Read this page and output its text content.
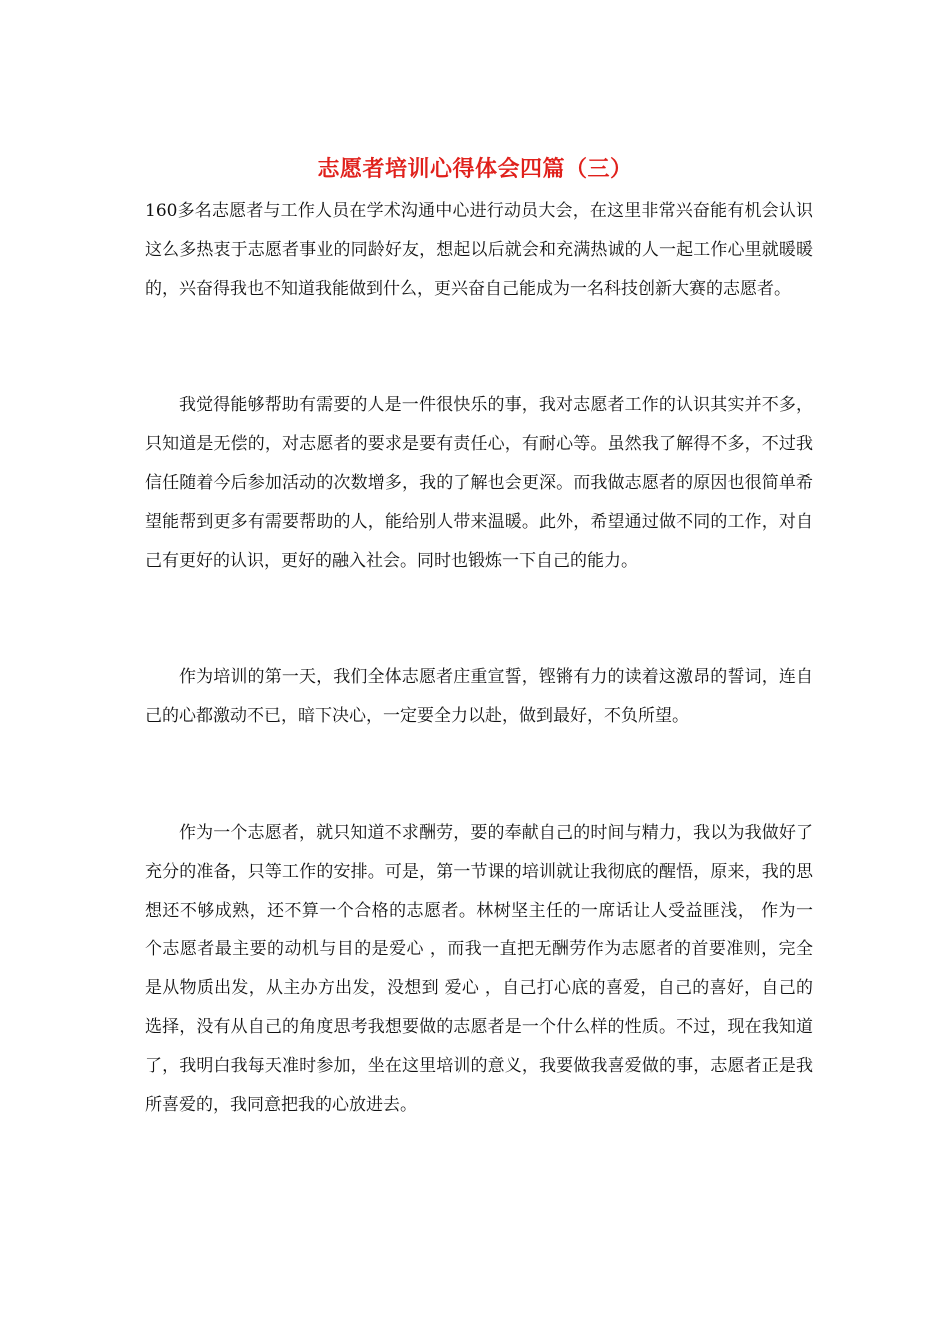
志愿者培训心得体会四篇（三）

160多名志愿者与工作人员在学术沟通中心进行动员大会，在这里非常兴奋能有机会认识这么多热衷于志愿者事业的同龄好友，想起以后就会和充满热诚的人一起工作心里就暖暖的，兴奋得我也不知道我能做到什么，更兴奋自己能成为一名科技创新大赛的志愿者。

我觉得能够帮助有需要的人是一件很快乐的事，我对志愿者工作的认识其实并不多，只知道是无偿的，对志愿者的要求是要有责任心，有耐心等。虽然我了解得不多，不过我信任随着今后参加活动的次数增多，我的了解也会更深。而我做志愿者的原因也很简单希望能帮到更多有需要帮助的人，能给别人带来温暖。此外，希望通过做不同的工作，对自己有更好的认识，更好的融入社会。同时也锻炼一下自己的能力。

作为培训的第一天，我们全体志愿者庄重宣誓，铿锵有力的读着这激昂的誓词，连自己的心都激动不已，暗下决心，一定要全力以赴，做到最好，不负所望。

作为一个志愿者，就只知道不求酬劳，要的奉献自己的时间与精力，我以为我做好了充分的准备，只等工作的安排。可是，第一节课的培训就让我彻底的醒悟，原来，我的思想还不够成熟，还不算一个合格的志愿者。林树坚主任的一席话让人受益匪浅， 作为一个志愿者最主要的动机与目的是爱心 ，而我一直把无酬劳作为志愿者的首要准则，完全是从物质出发，从主办方出发，没想到 爱心 ，自己打心底的喜爱，自己的喜好，自己的选择，没有从自己的角度思考我想要做的志愿者是一个什么样的性质。不过，现在我知道了，我明白我每天准时参加，坐在这里培训的意义，我要做我喜爱做的事，志愿者正是我所喜爱的，我同意把我的心放进去。
